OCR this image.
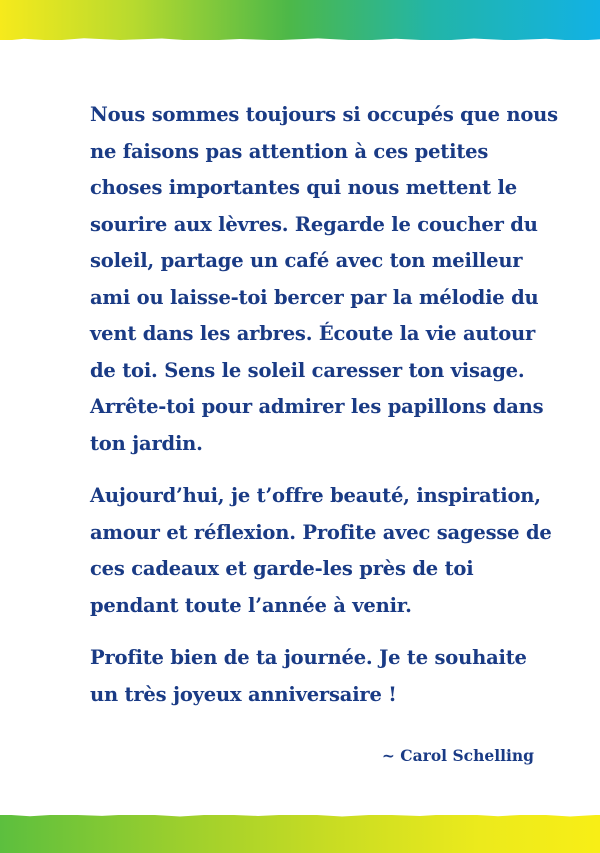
Nous sommes toujours si occupés que nous ne faisons pas attention à ces petites choses importantes qui nous mettent le sourire aux lèvres. Regarde le coucher du soleil, partage un café avec ton meilleur ami ou laisse-toi bercer par la mélodie du vent dans les arbres. Écoute la vie autour de toi. Sens le soleil caresser ton visage. Arrête-toi pour admirer les papillons dans ton jardin.

Aujourd’hui, je t’offre beauté, inspiration, amour et réflexion. Profite avec sagesse de ces cadeaux et garde-les près de toi pendant toute l’année à venir.

Profite bien de ta journée. Je te souhaite un très joyeux anniversaire !

~ Carol Schelling
